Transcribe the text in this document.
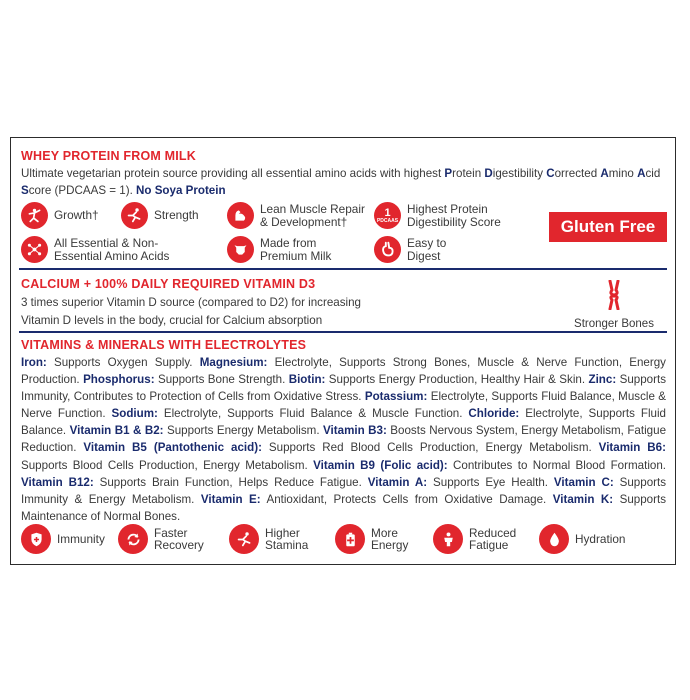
WHEY PROTEIN FROM MILK
Ultimate vegetarian protein source providing all essential amino acids with highest Protein Digestibility Corrected Amino Acid Score (PDCAAS = 1). No Soya Protein
Growth†	Strength	Lean Muscle Repair
& Development†
1
PDCAAS
Highest Protein
Digestibility Score	Gluten Free
All Essential & Non-
Essential Amino Acids
Made from
Premium Milk
Easy to
Digest
CALCIUM + 100% DAILY REQUIRED VITAMIN D3
3 times superior Vitamin D source (compared to D2) for increasing
Vitamin D levels in the body, crucial for Calcium absorption	Stronger Bones
VITAMINS & MINERALS WITH ELECTROLYTES
Iron: Supports Oxygen Supply. Magnesium: Electrolyte, Supports Strong Bones, Muscle & Nerve Function, Energy Production. Phosphorus: Supports Bone Strength. Biotin: Supports Energy Production, Healthy Hair & Skin. Zinc: Supports Immunity, Contributes to Protection of Cells from Oxidative Stress. Potassium: Electrolyte, Supports Fluid Balance, Muscle & Nerve Function. Sodium: Electrolyte, Supports Fluid Balance & Muscle Function. Chloride: Electrolyte, Supports Fluid Balance. Vitamin B1 & B2: Supports Energy Metabolism. Vitamin B3: Boosts Nervous System, Energy Metabolism, Fatigue Reduction. Vitamin B5 (Pantothenic acid): Supports Red Blood Cells Production, Energy Metabolism. Vitamin B6: Supports Blood Cells Production, Energy Metabolism. Vitamin B9 (Folic acid): Contributes to Normal Blood Formation. Vitamin B12: Supports Brain Function, Helps Reduce Fatigue. Vitamin A: Supports Eye Health. Vitamin C: Supports Immunity & Energy Metabolism. Vitamin E: Antioxidant, Protects Cells from Oxidative Damage. Vitamin K: Supports Maintenance of Normal Bones.
Immunity	Faster
Recovery
Higher
Stamina
More
Energy
Reduced
Fatigue	Hydration
